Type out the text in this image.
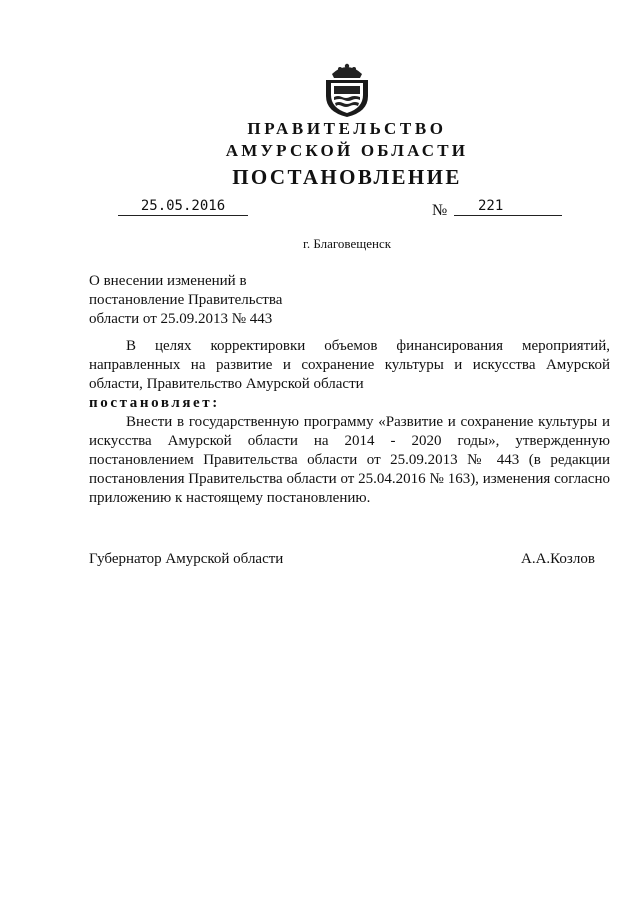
ПРАВИТЕЛЬСТВО
АМУРСКОЙ ОБЛАСТИ
ПОСТАНОВЛЕНИЕ
25.05.2016	№	221
г. Благовещенск
О внесении изменений в
постановление Правительства
области от 25.09.2013 № 443

В целях корректировки объемов финансирования мероприятий, направленных на развитие и сохранение культуры и искусства Амурской области, Правительство Амурской области

постановляет:

Внести в государственную программу «Развитие и сохранение культуры и искусства Амурской области на 2014 - 2020 годы», утвержденную постановлением Правительства области от 25.09.2013 № 443 (в редакции постановления Правительства области от 25.04.2016 № 163), изменения согласно приложению к настоящему постановлению.

Губернатор Амурской области	А.А.Козлов
